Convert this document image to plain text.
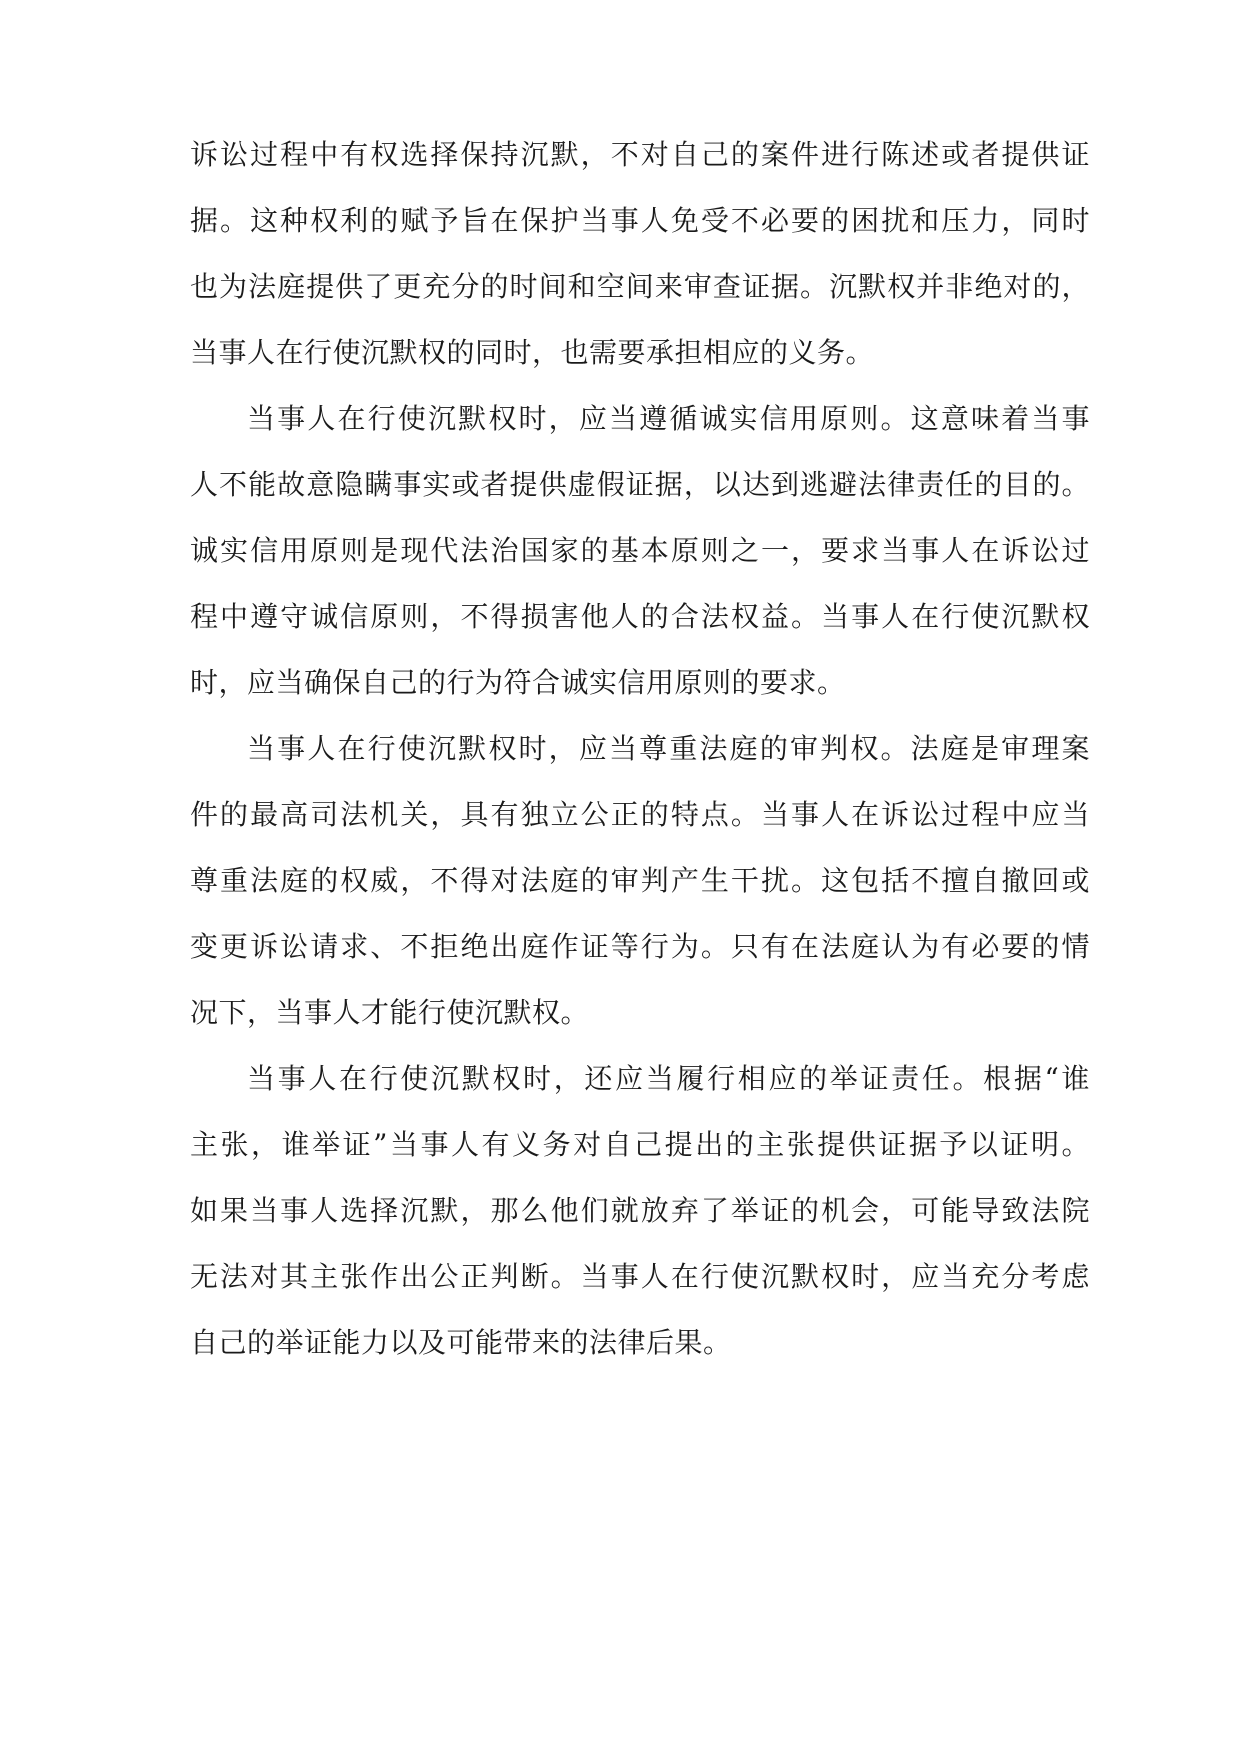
诉讼过程中有权选择保持沉默，不对自己的案件进行陈述或者提供证

据。这种权利的赋予旨在保护当事人免受不必要的困扰和压力，同时

也为法庭提供了更充分的时间和空间来审查证据。沉默权并非绝对的，

当事人在行使沉默权的同时，也需要承担相应的义务。

当事人在行使沉默权时，应当遵循诚实信用原则。这意味着当事

人不能故意隐瞒事实或者提供虚假证据，以达到逃避法律责任的目的。

诚实信用原则是现代法治国家的基本原则之一，要求当事人在诉讼过

程中遵守诚信原则，不得损害他人的合法权益。当事人在行使沉默权

时，应当确保自己的行为符合诚实信用原则的要求。

当事人在行使沉默权时，应当尊重法庭的审判权。法庭是审理案

件的最高司法机关，具有独立公正的特点。当事人在诉讼过程中应当

尊重法庭的权威，不得对法庭的审判产生干扰。这包括不擅自撤回或

变更诉讼请求、不拒绝出庭作证等行为。只有在法庭认为有必要的情

况下，当事人才能行使沉默权。

当事人在行使沉默权时，还应当履行相应的举证责任。根据“谁

主张，谁举证”当事人有义务对自己提出的主张提供证据予以证明。

如果当事人选择沉默，那么他们就放弃了举证的机会，可能导致法院

无法对其主张作出公正判断。当事人在行使沉默权时，应当充分考虑

自己的举证能力以及可能带来的法律后果。
